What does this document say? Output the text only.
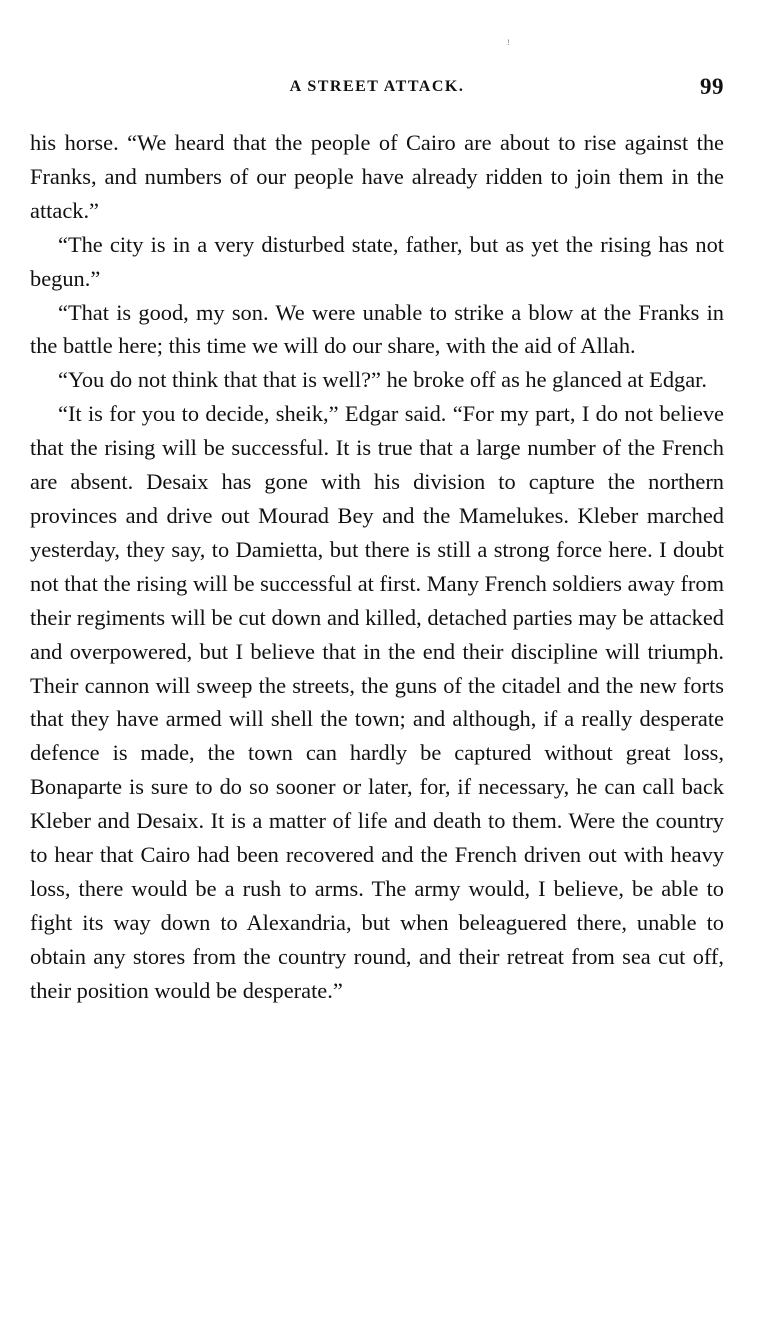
!
A STREET ATTACK.	99

his horse. “We heard that the people of Cairo are about to rise against the Franks, and numbers of our people have already ridden to join them in the attack.”

“The city is in a very disturbed state, father, but as yet the rising has not begun.”

“That is good, my son. We were unable to strike a blow at the Franks in the battle here; this time we will do our share, with the aid of Allah.

“You do not think that that is well?” he broke off as he glanced at Edgar.

“It is for you to decide, sheik,” Edgar said. “For my part, I do not believe that the rising will be successful. It is true that a large number of the French are absent. Desaix has gone with his division to capture the northern provinces and drive out Mourad Bey and the Mamelukes. Kleber marched yesterday, they say, to Damietta, but there is still a strong force here. I doubt not that the rising will be successful at first. Many French soldiers away from their regiments will be cut down and killed, detached parties may be attacked and overpowered, but I believe that in the end their discipline will triumph. Their cannon will sweep the streets, the guns of the citadel and the new forts that they have armed will shell the town; and although, if a really desperate defence is made, the town can hardly be captured without great loss, Bonaparte is sure to do so sooner or later, for, if necessary, he can call back Kleber and Desaix. It is a matter of life and death to them. Were the country to hear that Cairo had been recovered and the French driven out with heavy loss, there would be a rush to arms. The army would, I believe, be able to fight its way down to Alexandria, but when beleaguered there, unable to obtain any stores from the country round, and their retreat from sea cut off, their position would be desperate.”
